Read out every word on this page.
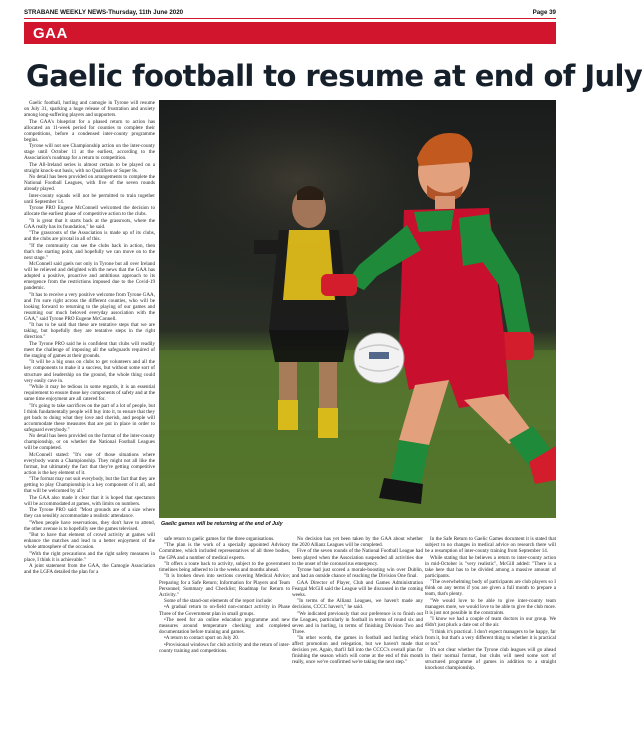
STRABANE WEEKLY NEWS-Thursday, 11th June 2020	Page 39
GAA
Gaelic football to resume at end of July

Gaelic football, hurling and camogie in Tyrone will resume on July 31, sparking a huge release of frustration and anxiety among long-suffering players and supporters.

The GAA's blueprint for a phased return to action has allocated an 11-week period for counties to complete their competitions, before a condensed inter-county programme begins.

Tyrone will not see Championship action on the inter-county stage until October 11 at the earliest, according to the Association's roadmap for a return to competition.

The All-Ireland series is almost certain to be played on a straight knock-out basis, with no Qualifiers or Super 8s.

No detail has been provided on arrangements to complete the National Football Leagues, with five of the seven rounds already played.

Inter-county squads will not be permitted to train together until September 14.

Tyrone PRO Eugene McConnell welcomed the decision to allocate the earliest phase of competitive action to the clubs.

"It is great that it starts back at the grassroots, where the GAA really has its foundation," he said.

"The grassroots of the Association is made up of its clubs, and the clubs are pivotal in all of this.

"If the community can see the clubs back in action, then that's the starting point, and hopefully we can move on to the next stage."

McConnell said gaels not only in Tyrone but all over Ireland will be relieved and delighted with the news that the GAA has adopted a positive, proactive and ambitious approach to its emergence from the restrictions imposed due to the Covid-19 pandemic.

"It has to receive a very positive welcome from Tyrone GAA, and I'm sure right across the different counties, who will be looking forward to returning to the playing of our games and resuming our much beloved everyday association with the GAA," said Tyrone PRO Eugene McConnell.

"It has to be said that these are tentative steps that we are taking, but hopefully they are tentative steps in the right direction."

The Tyrone PRO said he is confident that clubs will readily meet the challenge of imposing all the safeguards required of the staging of games at their grounds.

"It will be a big onus on clubs to get volunteers and all the key components to make it a success, but without some sort of structure and leadership on the ground, the whole thing could very easily cave in.

"While it may be tedious in some regards, it is an essential requirement to ensure those key components of safety and at the same time enjoyment are all catered for.

"It's going to take sacrifices on the part of a lot of people, but I think fundamentally people will buy into it, to ensure that they get back to doing what they love and cherish, and people will accommodate these measures that are put in place in order to safeguard everybody."

No detail has been provided on the format of the inter-county championship, or on whether the National Football Leagues will be completed.

McConnell stated: "It's one of those situations where everybody wants a Championship. They might not all like the format, but ultimately the fact that they're getting competitive action is the key element of it.

"The format may not suit everybody, but the fact that they are getting to play Championship is a key component of it all, and that will be welcomed by all."

The GAA also made it clear that it is hoped that spectators will be accommodated at games, with limits on numbers.

The Tyrone PRO said: "Most grounds are of a size where they can sensibly accommodate a realistic attendance.

"When people have reservations, they don't have to attend, the other avenue is to hopefully see the games televised.

"But to have that element of crowd activity at games will enhance the matches and lead to a better enjoyment of the whole atmosphere of the occasion.

"With the right precautions and the right safety measures in place, I think it is achievable."

A joint statement from the GAA, the Camogie Association and the LGFA detailed the plan for a

Gaelic games will be returning at the end of July

safe return to gaelic games for the three organisations.

"The plan is the work of a specially appointed Advisory Committee, which included representatives of all three bodies, the GPA and a number of medical experts.

"It offers a route back to activity, subject to the government timelines being adhered to in the weeks and months ahead.

"It is broken down into sections covering Medical Advice; Preparing for a Safe Return; Information for Players and Team Personnel; Summary and Checklist; Roadmap for Return to Activity."

Some of the stand-out elements of the report include:

•A gradual return to on-field non-contact activity in Phase Three of the Government plan in small groups.

•The need for an online education programme and new measures around temperature checking and completed documentation before training and games.

•A return to contact sport on July 20.

•Provisional windows for club activity and the return of inter-county training and competitions.

No decision has yet been taken by the GAA about whether the 2020 Allianz Leagues will be completed.

Five of the seven rounds of the National Football League had been played when the Association suspended all activities due to the onset of the coronavirus emergency.

Tyrone had just scored a morale-boosting win over Dublin, and had an outside chance of reaching the Division One final.

GAA Director of Player, Club and Games Administration Feargal McGill said the League will be discussed in the coming weeks.

"In terms of the Allianz Leagues, we haven't made any decisions, CCCC haven't," he said.

"We indicated previously that our preference is to finish out the Leagues, particularly in football in terms of round six and seven and in hurling, in terms of finishing Division Two and Three.

"In other words, the games in football and hurling which affect promotion and relegation, but we haven't made that decision yet. Again, that'll fall into the CCCC's overall plan for finishing the season which will come at the end of this month really, once we've confirmed we're taking the next step."

In the Safe Return to Gaelic Games document it is stated that subject to no changes in medical advice on research there will be a resumption of inter-county training from September 14.

While stating that he believes a return to inter-county action in mid-October is "very realistic", McGill added: "There is a take here that has to be divided among a massive amount of participants.

"The overwhelming body of participants are club players so I think on any terms if you are given a full month to prepare a team, that's plenty.

"We would love to be able to give inter-county team managers more, we would love to be able to give the club more. It is just not possible in the constraints.

"I know we had a couple of team doctors in our group. We didn't just pluck a date out of the air.

"I think it's practical. I don't expect managers to be happy, far from it, but that's a very different thing to whether it is practical or not."

It's not clear whether the Tyrone club leagues will go ahead in their normal format, but clubs will need some sort of structured programme of games in addition to a straight knockout championship.
